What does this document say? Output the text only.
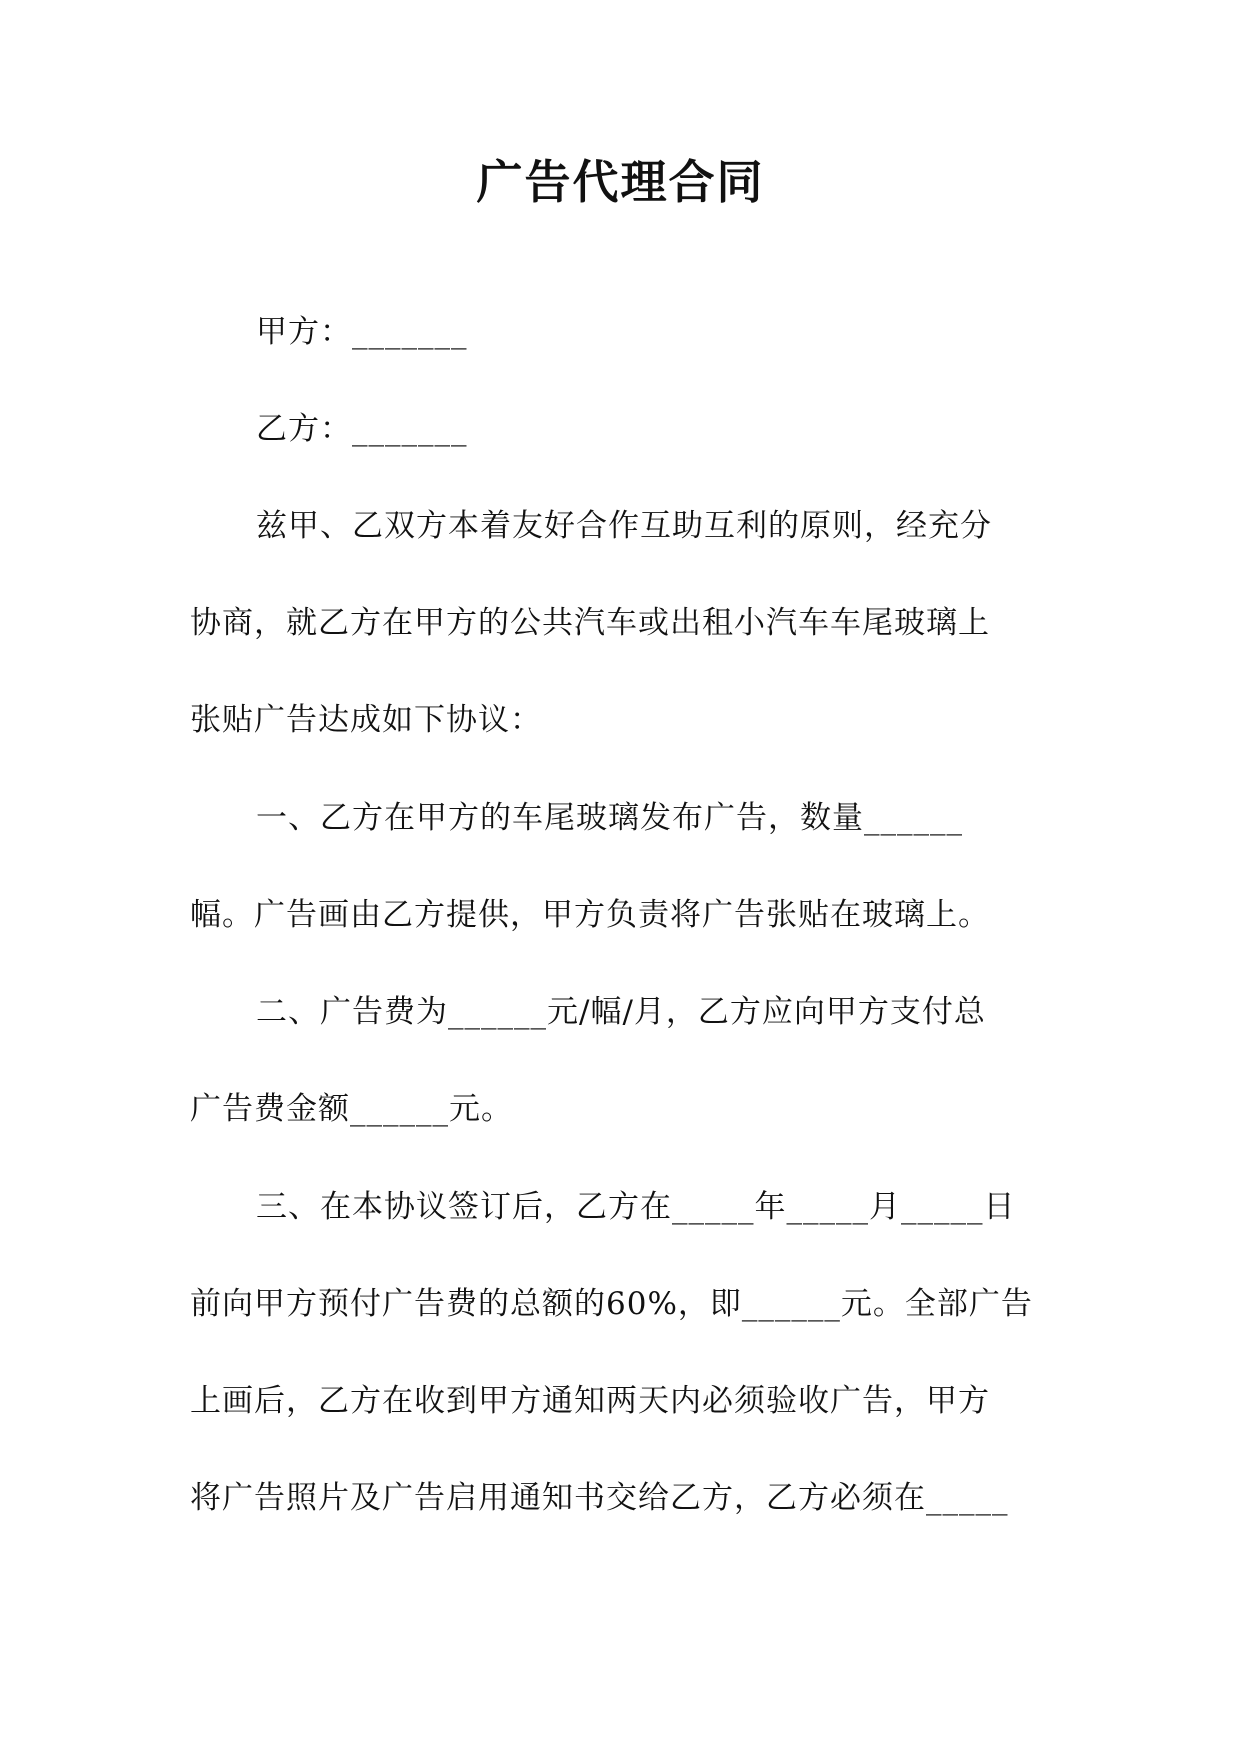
广告代理合同
甲方：_______
乙方：_______
兹甲、乙双方本着友好合作互助互利的原则，经充分
协商，就乙方在甲方的公共汽车或出租小汽车车尾玻璃上
张贴广告达成如下协议：
一、乙方在甲方的车尾玻璃发布广告，数量______
幅。广告画由乙方提供，甲方负责将广告张贴在玻璃上。
二、广告费为______元/幅/月，乙方应向甲方支付总
广告费金额______元。
三、在本协议签订后，乙方在_____年_____月_____日
前向甲方预付广告费的总额的60%，即______元。全部广告
上画后，乙方在收到甲方通知两天内必须验收广告，甲方
将广告照片及广告启用通知书交给乙方，乙方必须在_____
